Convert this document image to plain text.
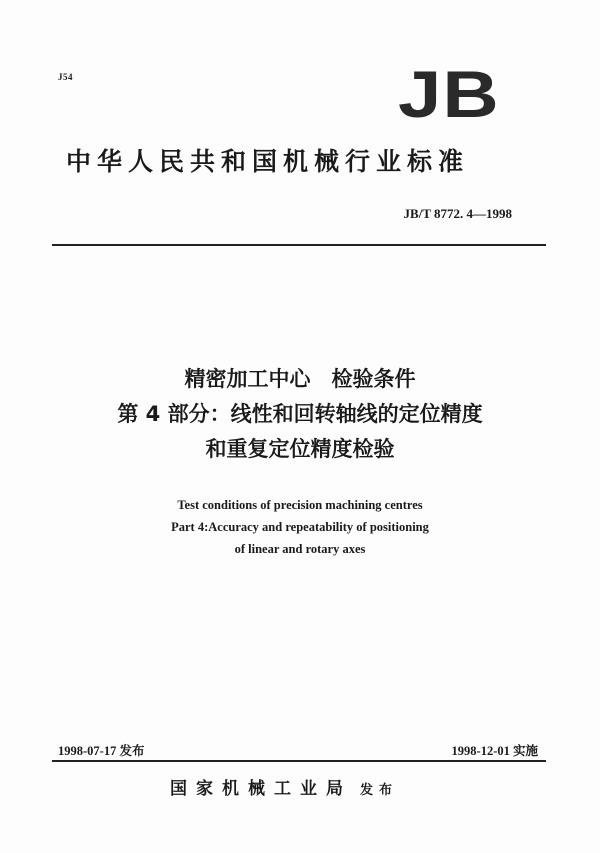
J54	JB
中华人民共和国机械行业标准
JB/T 8772. 4—1998
精密加工中心　检验条件
第 4 部分：线性和回转轴线的定位精度
和重复定位精度检验
Test conditions of precision machining centres
Part 4:Accuracy and repeatability of positioning
of linear and rotary axes
1998-07-17 发布	1998-12-01 实施
国家机械工业局 发布
